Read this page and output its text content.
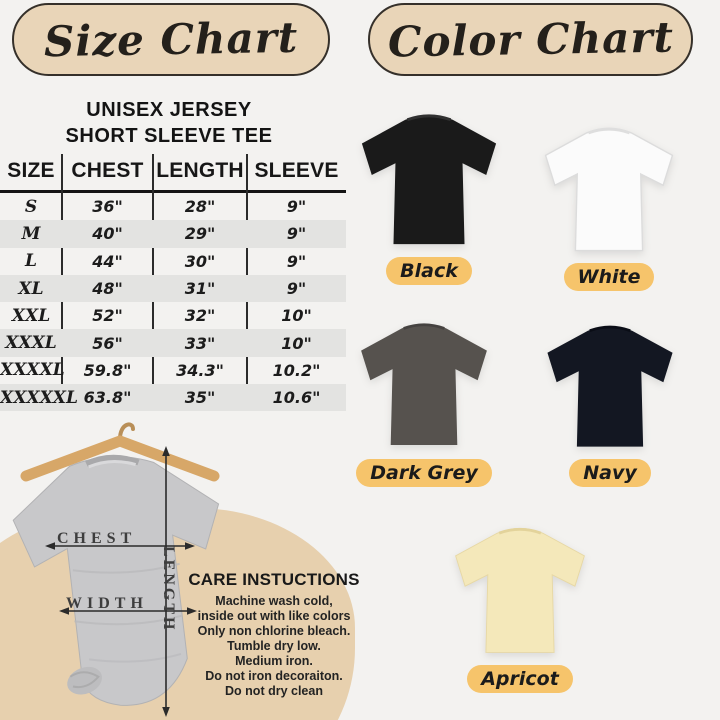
Size Chart Color Chart
UNISEX JERSEY
SHORT SLEEVE TEE
SIZE CHEST LENGTH SLEEVE
S	36"	28"	9"
M	40"	29"	9"
L	44"	30"	9"
XL	48"	31"	9"
XXL	52"	32"	10"
XXXL	56"	33"	10"
XXXXL	59.8"	34.3"	10.2"
XXXXXL 63.8"	35"	10.6"
CHEST
WIDTH LENGTH CARE INSTUCTIONS
Machine wash cold,
inside out with like colors
Only non chlorine bleach.
Tumble dry low.
Medium iron.
Do not iron decoraiton.
Do not dry clean
Black	White
Dark Grey	Navy
Apricot
